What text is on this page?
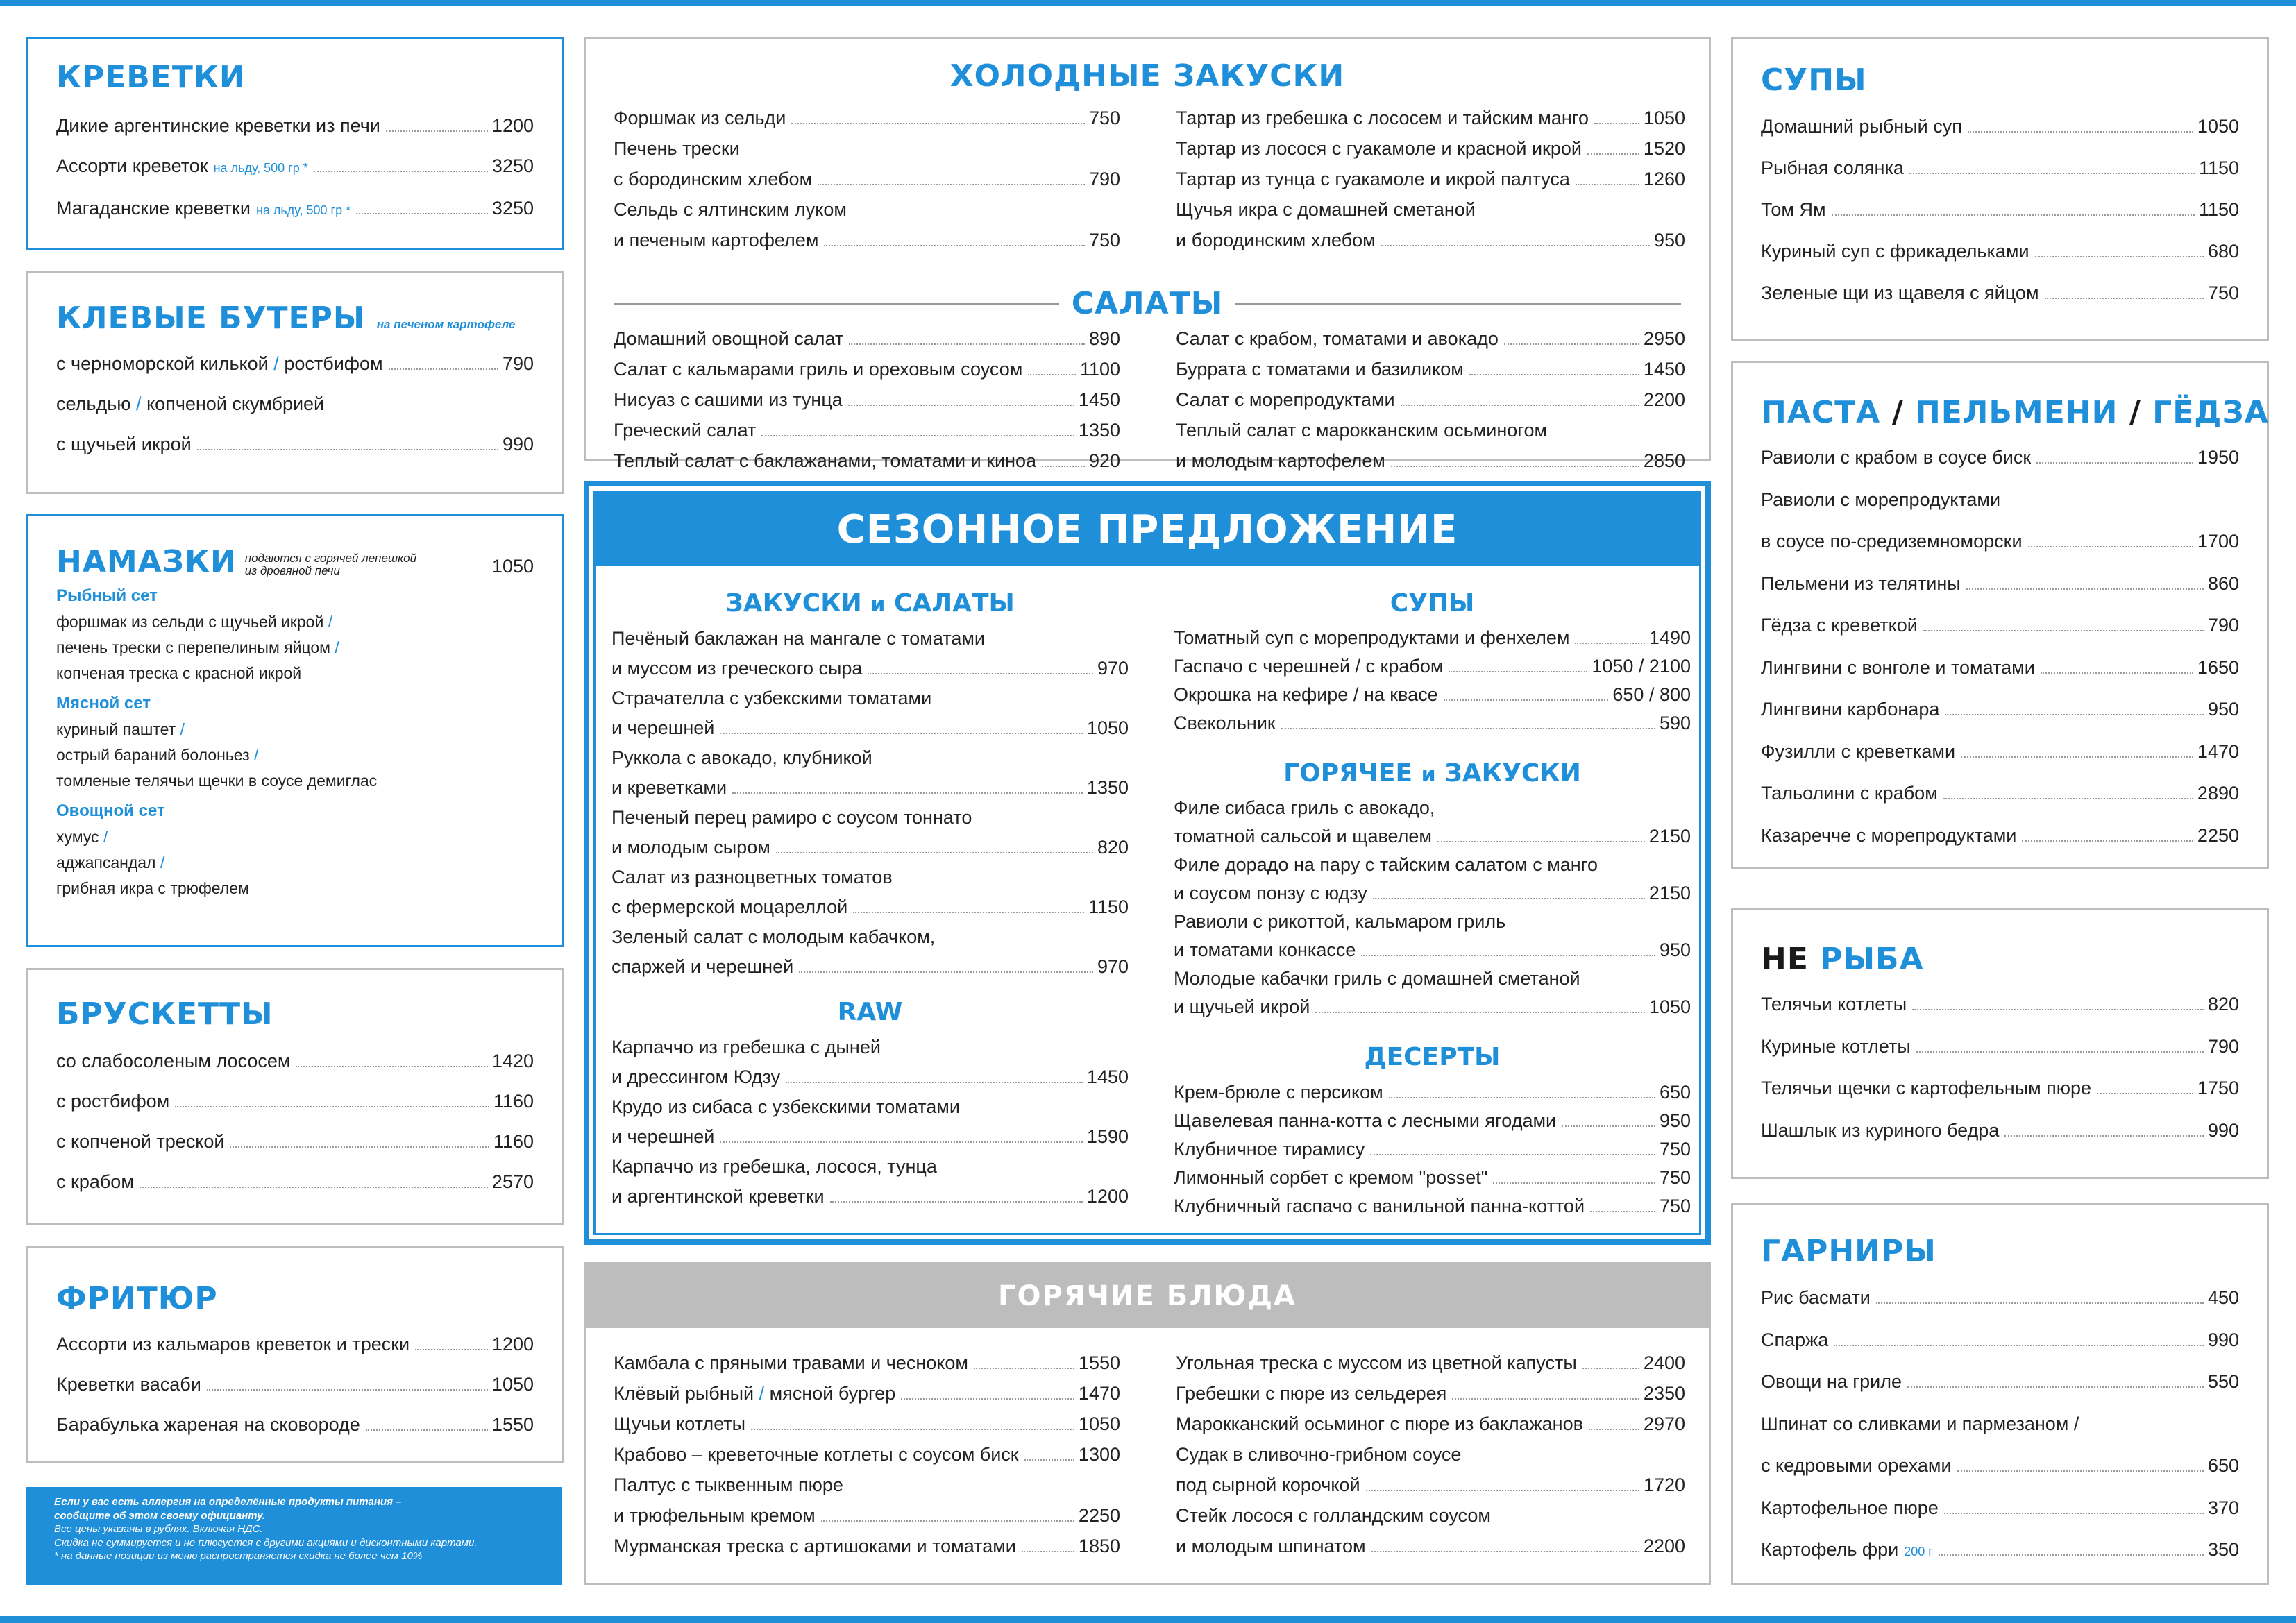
КРЕВЕТКИ
Дикие аргентинские креветки из печи	1200
Ассорти креветок на льду, 500 гр *	3250
Магаданские креветки на льду, 500 гр *	3250
КЛЕВЫЕ БУТЕРЫ на печеном картофеле
с черноморской килькой / ростбифом	790
сельдью / копченой скумбрией
с щучьей икрой	990
НАМАЗКИ подаются с горячей лепешкой
из дровяной печи	1050
Рыбный сет
форшмак из сельди с щучьей икрой /
печень трески с перепелиным яйцом /
копченая треска с красной икрой
Мясной сет
куриный паштет /
острый бараний болоньез /
томленые телячьи щечки в соусе демиглас
Овощной сет
хумус /
аджапсандал /
грибная икра с трюфелем
БРУСКЕТТЫ
со слабосоленым лососем	1420
с ростбифом	1160
с копченой треской	1160
с крабом	2570
ФРИТЮР
Ассорти из кальмаров креветок и трески	1200
Креветки васаби	1050
Барабулька жареная на сковороде	1550
Если у вас есть аллергия на определённые продукты питания –
сообщите об этом своему официанту.
Все цены указаны в рублях. Включая НДС.
Скидка не суммируется и не плюсуется с другими акциями и дисконтными картами.
* на данные позиции из меню распространяется скидка не более чем 10%
ХОЛОДНЫЕ ЗАКУСКИ
Форшмак из сельди	750
Печень трески
с бородинским хлебом	790
Сельдь с ялтинским луком
и печеным картофелем	750
Тартар из гребешка с лососем и тайским манго	1050
Тартар из лосося с гуакамоле и красной икрой	1520
Тартар из тунца с гуакамоле и икрой палтуса	1260
Щучья икра с домашней сметаной
и бородинским хлебом	950
САЛАТЫ
Домашний овощной салат	890
Салат с кальмарами гриль и ореховым соусом	1100
Нисуаз с сашими из тунца	1450
Греческий салат	1350
Теплый салат с баклажанами, томатами и киноа	920
Салат с крабом, томатами и авокадо	2950
Буррата с томатами и базиликом	1450
Салат с морепродуктами	2200
Теплый салат с марокканским осьминогом
и молодым картофелем	2850
СЕЗОННОЕ ПРЕДЛОЖЕНИЕ
ЗАКУСКИ и САЛАТЫ
Печёный баклажан на мангале с томатами
и муссом из греческого сыра	970
Страчателла с узбекскими томатами
и черешней	1050
Руккола с авокадо, клубникой
и креветками	1350
Печеный перец рамиро с соусом тоннато
и молодым сыром	820
Салат из разноцветных томатов
с фермерской моцареллой	1150
Зеленый салат с молодым кабачком,
спаржей и черешней	970
RAW
Карпаччо из гребешка с дыней
и дрессингом Юдзу	1450
Крудо из сибаса с узбекскими томатами
и черешней	1590
Карпаччо из гребешка, лосося, тунца
и аргентинской креветки	1200
СУПЫ
Томатный суп с морепродуктами и фенхелем	1490
Гаспачо с черешней / с крабом	1050 / 2100
Окрошка на кефире / на квасе	650 / 800
Свекольник	590
ГОРЯЧЕЕ и ЗАКУСКИ
Филе сибаса гриль с авокадо,
томатной сальсой и щавелем	2150
Филе дорадо на пару с тайским салатом с манго
и соусом понзу с юдзу	2150
Равиоли с рикоттой, кальмаром гриль
и томатами конкассе	950
Молодые кабачки гриль с домашней сметаной
и щучьей икрой	1050
ДЕСЕРТЫ
Крем-брюле с персиком	650
Щавелевая панна-котта с лесными ягодами	950
Клубничное тирамису	750
Лимонный сорбет с кремом "posset"	750
Клубничный гаспачо с ванильной панна-коттой	750
ГОРЯЧИЕ БЛЮДА
Камбала с пряными травами и чесноком	1550
Клёвый рыбный / мясной бургер	1470
Щучьи котлеты	1050
Крабово – креветочные котлеты с соусом биск	1300
Палтус с тыквенным пюре
и трюфельным кремом	2250
Мурманская треска с артишоками и томатами	1850
Угольная треска с муссом из цветной капусты	2400
Гребешки с пюре из сельдерея	2350
Марокканский осьминог с пюре из баклажанов	2970
Судак в сливочно-грибном соусе
под сырной корочкой	1720
Стейк лосося с голландским соусом
и молодым шпинатом	2200
СУПЫ
Домашний рыбный суп	1050
Рыбная солянка	1150
Том Ям	1150
Куриный суп с фрикадельками	680
Зеленые щи из щавеля с яйцом	750
ПАСТА / ПЕЛЬМЕНИ / ГЁДЗА
Равиоли с крабом в соусе биск	1950
Равиоли с морепродуктами
в соусе по-средиземноморски	1700
Пельмени из телятины	860
Гёдза с креветкой	790
Лингвини с вонголе и томатами	1650
Лингвини карбонара	950
Фузилли с креветками	1470
Тальолини с крабом	2890
Казаречче с морепродуктами	2250
НЕ РЫБА
Телячьи котлеты	820
Куриные котлеты	790
Телячьи щечки с картофельным пюре	1750
Шашлык из куриного бедра	990
ГАРНИРЫ
Рис басмати	450
Спаржа	990
Овощи на гриле	550
Шпинат со сливками и пармезаном /
с кедровыми орехами	650
Картофельное пюре	370
Картофель фри 200 г	350
